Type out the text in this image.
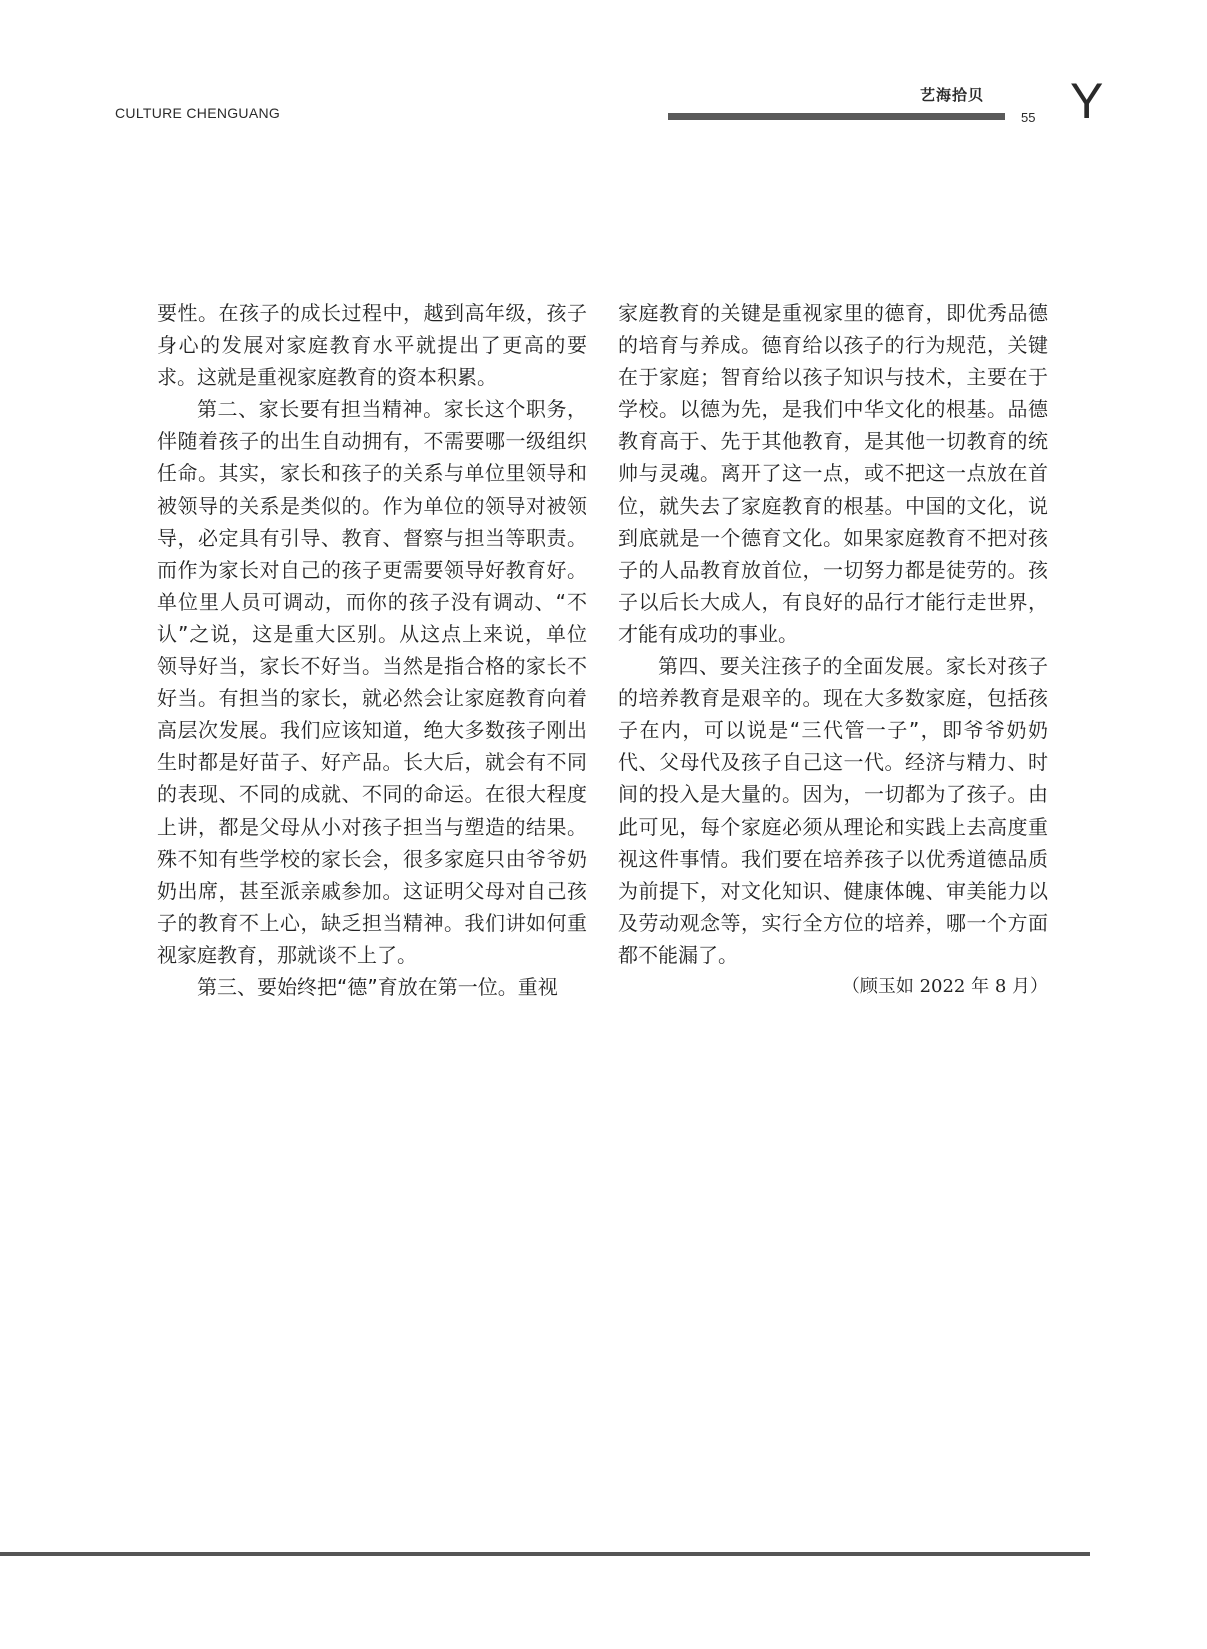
CULTURE CHENGUANG
艺海拾贝
55 Y

要性。在孩子的成长过程中，越到高年级，孩子身心的发展对家庭教育水平就提出了更高的要求。这就是重视家庭教育的资本积累。

第二、家长要有担当精神。家长这个职务，伴随着孩子的出生自动拥有，不需要哪一级组织任命。其实，家长和孩子的关系与单位里领导和被领导的关系是类似的。作为单位的领导对被领导，必定具有引导、教育、督察与担当等职责。而作为家长对自己的孩子更需要领导好教育好。单位里人员可调动，而你的孩子没有调动、“不认”之说，这是重大区别。从这点上来说，单位领导好当，家长不好当。当然是指合格的家长不好当。有担当的家长，就必然会让家庭教育向着高层次发展。我们应该知道，绝大多数孩子刚出生时都是好苗子、好产品。长大后，就会有不同的表现、不同的成就、不同的命运。在很大程度上讲，都是父母从小对孩子担当与塑造的结果。殊不知有些学校的家长会，很多家庭只由爷爷奶奶出席，甚至派亲戚参加。这证明父母对自己孩子的教育不上心，缺乏担当精神。我们讲如何重视家庭教育，那就谈不上了。

第三、要始终把“德”育放在第一位。重视

家庭教育的关键是重视家里的德育，即优秀品德的培育与养成。德育给以孩子的行为规范，关键在于家庭；智育给以孩子知识与技术，主要在于学校。以德为先，是我们中华文化的根基。品德教育高于、先于其他教育，是其他一切教育的统帅与灵魂。离开了这一点，或不把这一点放在首位，就失去了家庭教育的根基。中国的文化，说到底就是一个德育文化。如果家庭教育不把对孩子的人品教育放首位，一切努力都是徒劳的。孩子以后长大成人，有良好的品行才能行走世界，才能有成功的事业。

第四、要关注孩子的全面发展。家长对孩子的培养教育是艰辛的。现在大多数家庭，包括孩子在内，可以说是“三代管一子”，即爷爷奶奶代、父母代及孩子自己这一代。经济与精力、时间的投入是大量的。因为，一切都为了孩子。由此可见，每个家庭必须从理论和实践上去高度重视这件事情。我们要在培养孩子以优秀道德品质为前提下，对文化知识、健康体魄、审美能力以及劳动观念等，实行全方位的培养，哪一个方面都不能漏了。

（顾玉如 2022 年 8 月）
